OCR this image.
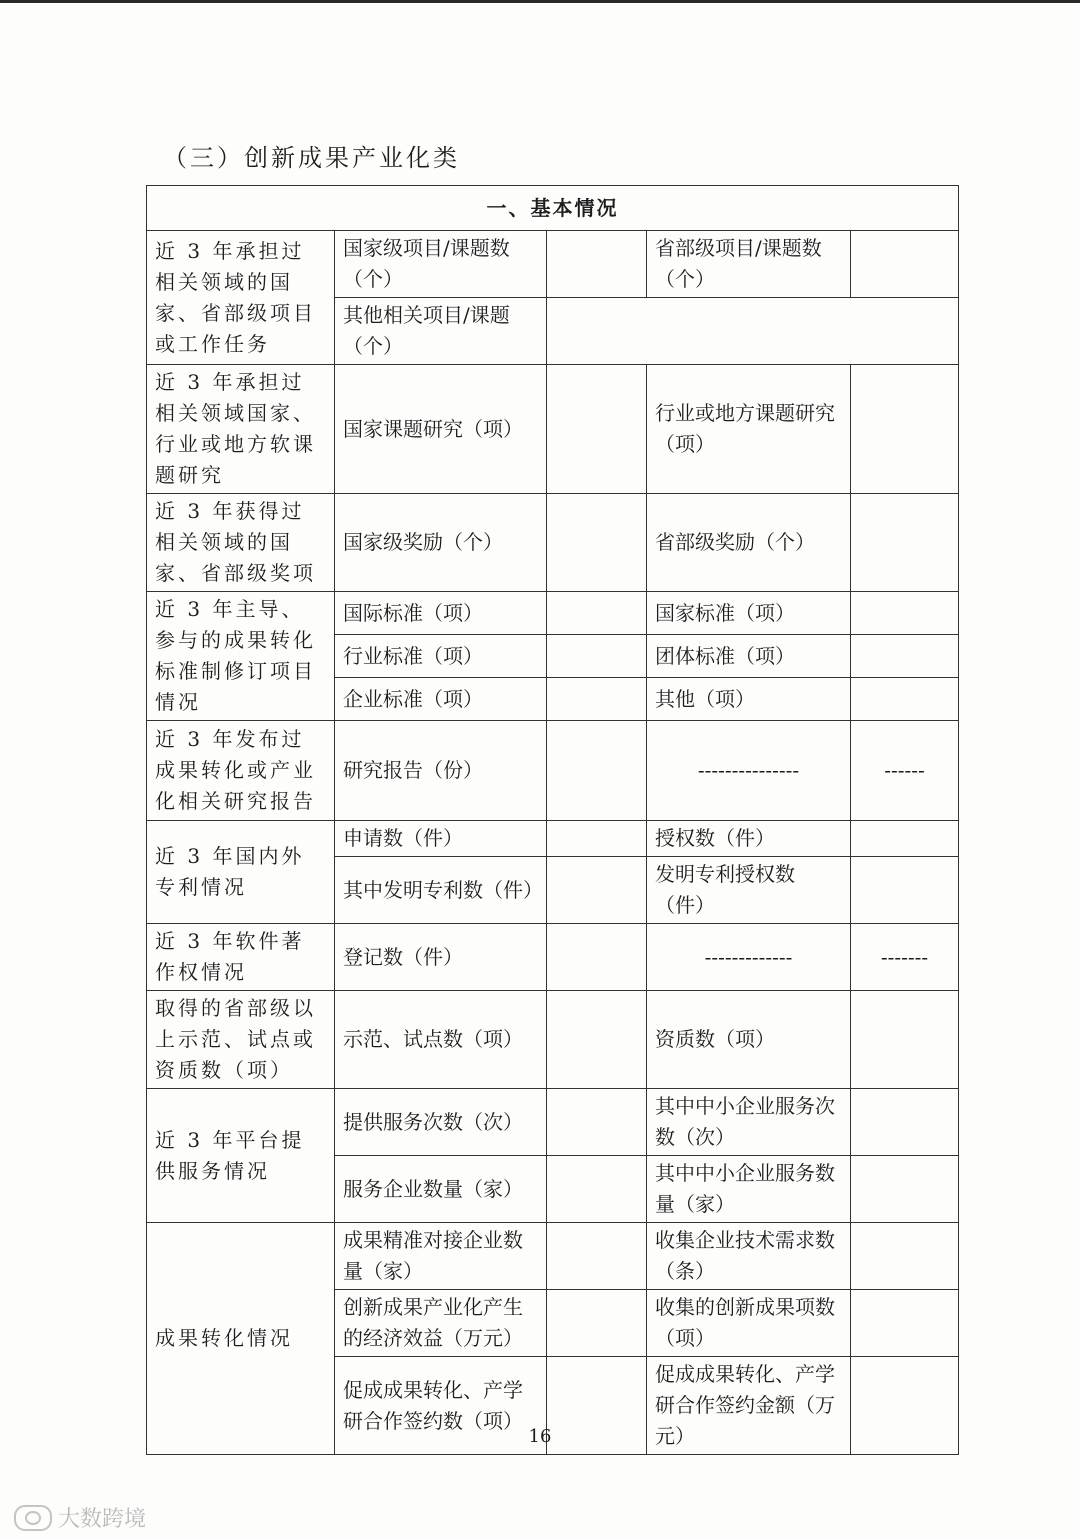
（三）创新成果产业化类
一、基本情况				
近 3 年承担过相关领域的国家、省部级项目或工作任务	国家级项目/课题数（个）		省部级项目/课题数（个）	
	其他相关项目/课题（个）			
近 3 年承担过相关领域国家、行业或地方软课题研究	国家课题研究（项）		行业或地方课题研究（项）	
近 3 年获得过相关领域的国家、省部级奖项	国家级奖励（个）		省部级奖励（个）	
近 3 年主导、参与的成果转化标准制修订项目情况	国际标准（项）		国家标准（项）	
	行业标准（项）		团体标准（项）	
	企业标准（项）		其他（项）	
近 3 年发布过成果转化或产业化相关研究报告	研究报告（份）		---------------	------
近 3 年国内外专利情况	申请数（件）		授权数（件）	
	其中发明专利数（件）		发明专利授权数（件）	
近 3 年软件著作权情况	登记数（件）		-------------	-------
取得的省部级以上示范、试点或资质数（项）	示范、试点数（项）		资质数（项）	
近 3 年平台提供服务情况	提供服务次数（次）		其中中小企业服务次数（次）	
	服务企业数量（家）		其中中小企业服务数量（家）	
成果转化情况	成果精准对接企业数量（家）		收集企业技术需求数（条）	
	创新成果产业化产生的经济效益（万元）		收集的创新成果项数（项）	
	促成成果转化、产学研合作签约数（项）		促成成果转化、产学研合作签约金额（万元）	
16
大数跨境
